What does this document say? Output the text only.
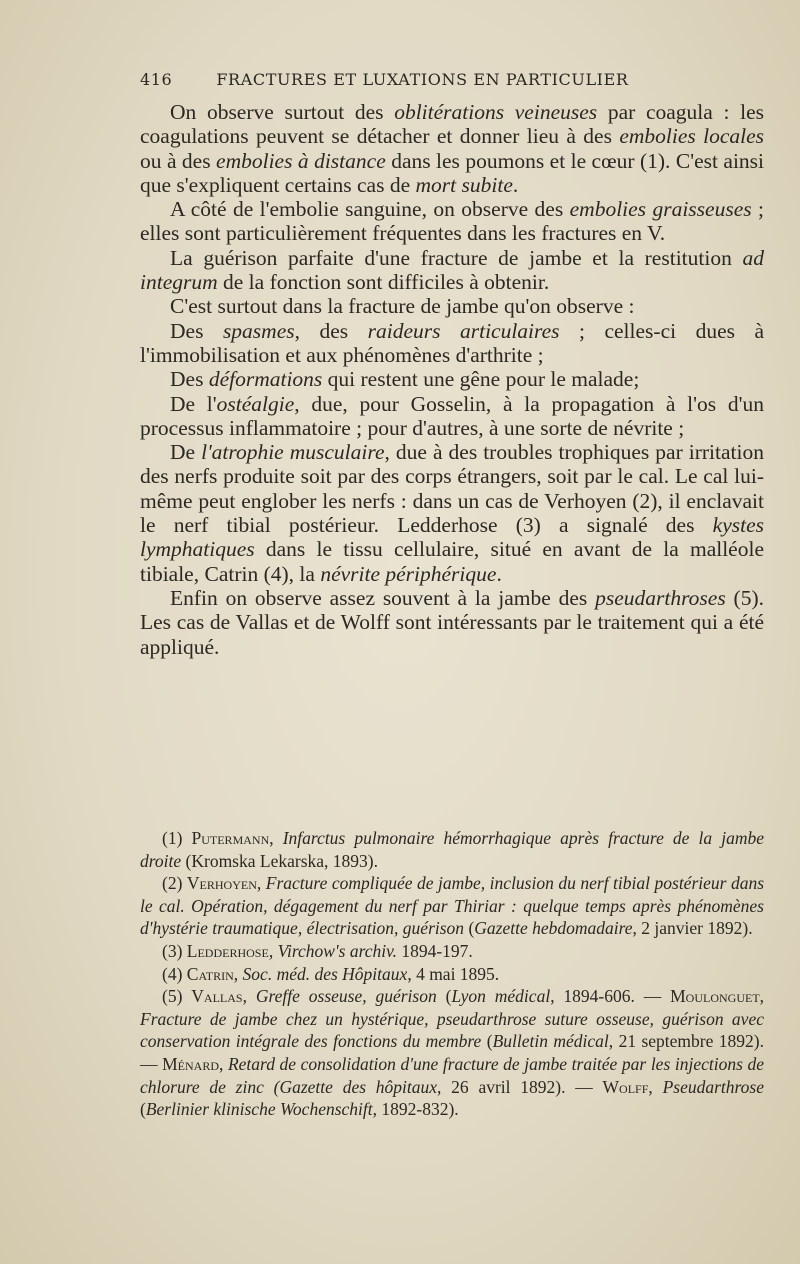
416	FRACTURES ET LUXATIONS EN PARTICULIER

On observe surtout des oblitérations veineuses par coagula : les coagulations peuvent se détacher et donner lieu à des embolies locales ou à des embolies à distance dans les poumons et le cœur (1). C'est ainsi que s'expliquent certains cas de mort subite.

A côté de l'embolie sanguine, on observe des embolies graisseuses ; elles sont particulièrement fréquentes dans les fractures en V.

La guérison parfaite d'une fracture de jambe et la restitution ad integrum de la fonction sont difficiles à obtenir.

C'est surtout dans la fracture de jambe qu'on observe :

Des spasmes, des raideurs articulaires ; celles-ci dues à l'immobilisation et aux phénomènes d'arthrite ;

Des déformations qui restent une gêne pour le malade;

De l'ostéalgie, due, pour Gosselin, à la propagation à l'os d'un processus inflammatoire ; pour d'autres, à une sorte de névrite ;

De l'atrophie musculaire, due à des troubles trophiques par irritation des nerfs produite soit par des corps étrangers, soit par le cal. Le cal lui-même peut englober les nerfs : dans un cas de Verhoyen (2), il enclavait le nerf tibial postérieur. Ledderhose (3) a signalé des kystes lymphatiques dans le tissu cellulaire, situé en avant de la malléole tibiale, Catrin (4), la névrite périphérique.

Enfin on observe assez souvent à la jambe des pseudarthroses (5). Les cas de Vallas et de Wolff sont intéressants par le traitement qui a été appliqué.

(1) Putermann, Infarctus pulmonaire hémorrhagique après fracture de la jambe droite (Kromska Lekarska, 1893).

(2) Verhoyen, Fracture compliquée de jambe, inclusion du nerf tibial postérieur dans le cal. Opération, dégagement du nerf par Thiriar : quelque temps après phénomènes d'hystérie traumatique, électrisation, guérison (Gazette hebdomadaire, 2 janvier 1892).

(3) Ledderhose, Virchow's archiv. 1894-197.

(4) Catrin, Soc. méd. des Hôpitaux, 4 mai 1895.

(5) Vallas, Greffe osseuse, guérison (Lyon médical, 1894-606. — Moulonguet, Fracture de jambe chez un hystérique, pseudarthrose suture osseuse, guérison avec conservation intégrale des fonctions du membre (Bulletin médical, 21 septembre 1892). — Ménard, Retard de consolidation d'une fracture de jambe traitée par les injections de chlorure de zinc (Gazette des hôpitaux, 26 avril 1892). — Wolff, Pseudarthrose (Berlinier klinische Wochenschift, 1892-832).
